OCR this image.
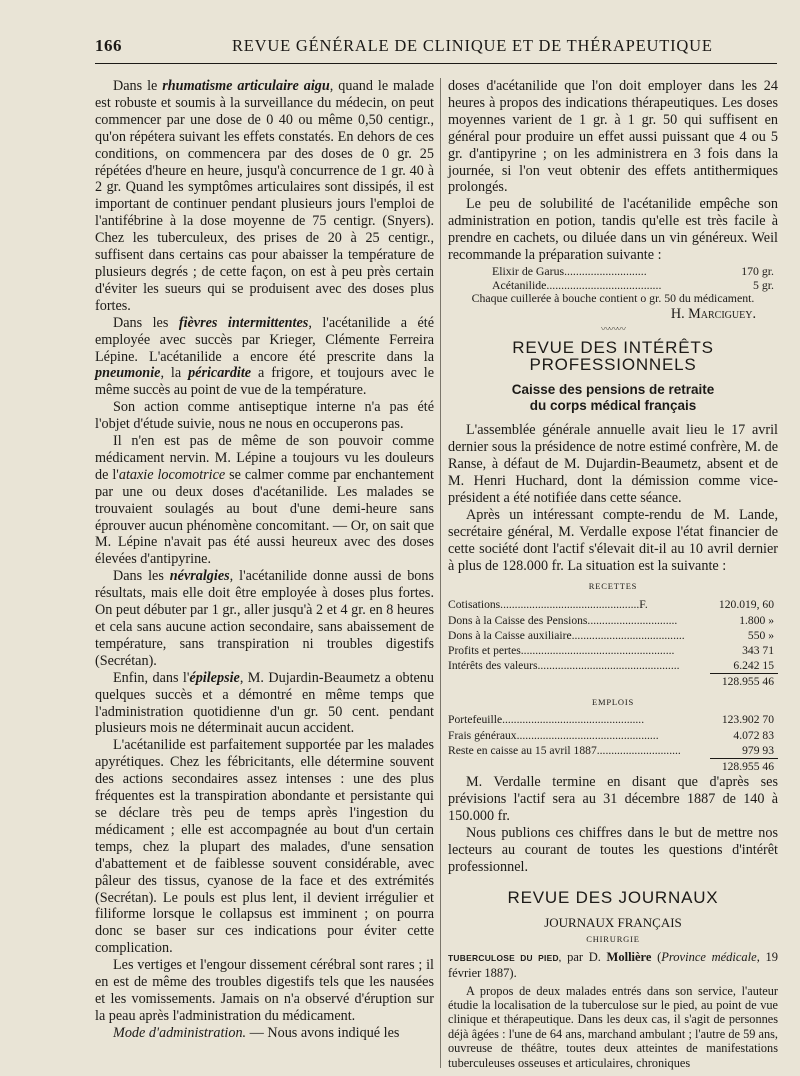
166	REVUE GÉNÉRALE DE CLINIQUE ET DE THÉRAPEUTIQUE

Dans le rhumatisme articulaire aigu, quand le malade est robuste et soumis à la surveillance du médecin, on peut commencer par une dose de 0 40 ou même 0,50 centigr., qu'on répétera suivant les effets constatés. En dehors de ces conditions, on commencera par des doses de 0 gr. 25 répétées d'heure en heure, jusqu'à concurrence de 1 gr. 40 à 2 gr. Quand les symptômes articulaires sont dissipés, il est important de continuer pendant plusieurs jours l'emploi de l'antifébrine à la dose moyenne de 75 centigr. (Snyers). Chez les tuberculeux, des prises de 20 à 25 centigr., suffisent dans certains cas pour abaisser la température de plusieurs degrés ; de cette façon, on est à peu près certain d'éviter les sueurs qui se produisent avec des doses plus fortes.

Dans les fièvres intermittentes, l'acétanilide a été employée avec succès par Krieger, Clémente Ferreira Lépine. L'acétanilide a encore été prescrite dans la pneumonie, la péricardite a frigore, et toujours avec le même succès au point de vue de la température.

Son action comme antiseptique interne n'a pas été l'objet d'étude suivie, nous ne nous en occuperons pas.

Il n'en est pas de même de son pouvoir comme médicament nervin. M. Lépine a toujours vu les douleurs de l'ataxie locomotrice se calmer comme par enchantement par une ou deux doses d'acétanilide. Les malades se trouvaient soulagés au bout d'une demi-heure sans éprouver aucun phénomène concomitant. — Or, on sait que M. Lépine n'avait pas été aussi heureux avec des doses élevées d'antipyrine.

Dans les névralgies, l'acétanilide donne aussi de bons résultats, mais elle doit être employée à doses plus fortes. On peut débuter par 1 gr., aller jusqu'à 2 et 4 gr. en 8 heures et cela sans aucune action secondaire, sans abaissement de température, sans transpiration ni troubles digestifs (Secrétan).

Enfin, dans l'épilepsie, M. Dujardin-Beaumetz a obtenu quelques succès et a démontré en même temps que l'administration quotidienne d'un gr. 50 cent. pendant plusieurs mois ne déterminait aucun accident.

L'acétanilide est parfaitement supportée par les malades apyrétiques. Chez les fébricitants, elle détermine souvent des actions secondaires assez intenses : une des plus fréquentes est la transpiration abondante et persistante qui se déclare très peu de temps après l'ingestion du médicament ; elle est accompagnée au bout d'un certain temps, chez la plupart des malades, d'une sensation d'abattement et de faiblesse souvent considérable, avec pâleur des tissus, cyanose de la face et des extrémités (Secrétan). Le pouls est plus lent, il devient irrégulier et filiforme lorsque le collapsus est imminent ; on pourra donc se baser sur ces indications pour éviter cette complication.

Les vertiges et l'engour dissement cérébral sont rares ; il en est de même des troubles digestifs tels que les nausées et les vomissements. Jamais on n'a observé d'éruption sur la peau après l'administration du médicament.

Mode d'administration. — Nous avons indiqué les

doses d'acétanilide que l'on doit employer dans les 24 heures à propos des indications thérapeutiques. Les doses moyennes varient de 1 gr. à 1 gr. 50 qui suffisent en général pour produire un effet aussi puissant que 4 ou 5 gr. d'antipyrine ; on les administrera en 3 fois dans la journée, si l'on veut obtenir des effets antithermiques prolongés.

Le peu de solubilité de l'acétanilide empêche son administration en potion, tandis qu'elle est très facile à prendre en cachets, ou diluée dans un vin généreux. Weil recommande la préparation suivante :

Elixir de Garus............................	170 gr.
Acétanilide.......................................	5 gr.
Chaque cuillerée à bouche contient o gr. 50 du médicament.
H. Marciguey.
〰〰〰
REVUE DES INTÉRÊTS PROFESSIONNELS
Caisse des pensions de retraite
du corps médical français

L'assemblée générale annuelle avait lieu le 17 avril dernier sous la présidence de notre estimé confrère, M. de Ranse, à défaut de M. Dujardin-Beaumetz, absent et de M. Henri Huchard, dont la démission comme vice-président a été notifiée dans cette séance.

Après un intéressant compte-rendu de M. Lande, secrétaire général, M. Verdalle expose l'état financier de cette société dont l'actif s'élevait dit-il au 10 avril dernier à plus de 128.000 fr. La situation est la suivante :

RECETTES
Cotisations................................................F.	120.019, 60
Dons à la Caisse des Pensions...............................	1.800 »
Dons à la Caisse auxiliaire.......................................	550 »
Profits et pertes.....................................................	343 71
Intérêts des valeurs.................................................	6.242 15
128.955 46
EMPLOIS
Portefeuille.................................................	123.902 70
Frais généraux.................................................	4.072 83
Reste en caisse au 15 avril 1887.............................	979 93
128.955 46

M. Verdalle termine en disant que d'après ses prévisions l'actif sera au 31 décembre 1887 de 140 à 150.000 fr.

Nous publions ces chiffres dans le but de mettre nos lecteurs au courant de toutes les questions d'intérêt professionnel.

REVUE DES JOURNAUX
JOURNAUX FRANÇAIS
CHIRURGIE

TUBERCULOSE DU PIED, par D. Mollière (Province médicale, 19 février 1887).

A propos de deux malades entrés dans son service, l'auteur étudie la localisation de la tuberculose sur le pied, au point de vue clinique et thérapeutique. Dans les deux cas, il s'agit de personnes déjà âgées : l'une de 64 ans, marchand ambulant ; l'autre de 59 ans, ouvreuse de théâtre, toutes deux atteintes de manifestations tuberculeuses osseuses et articulaires, chroniques
